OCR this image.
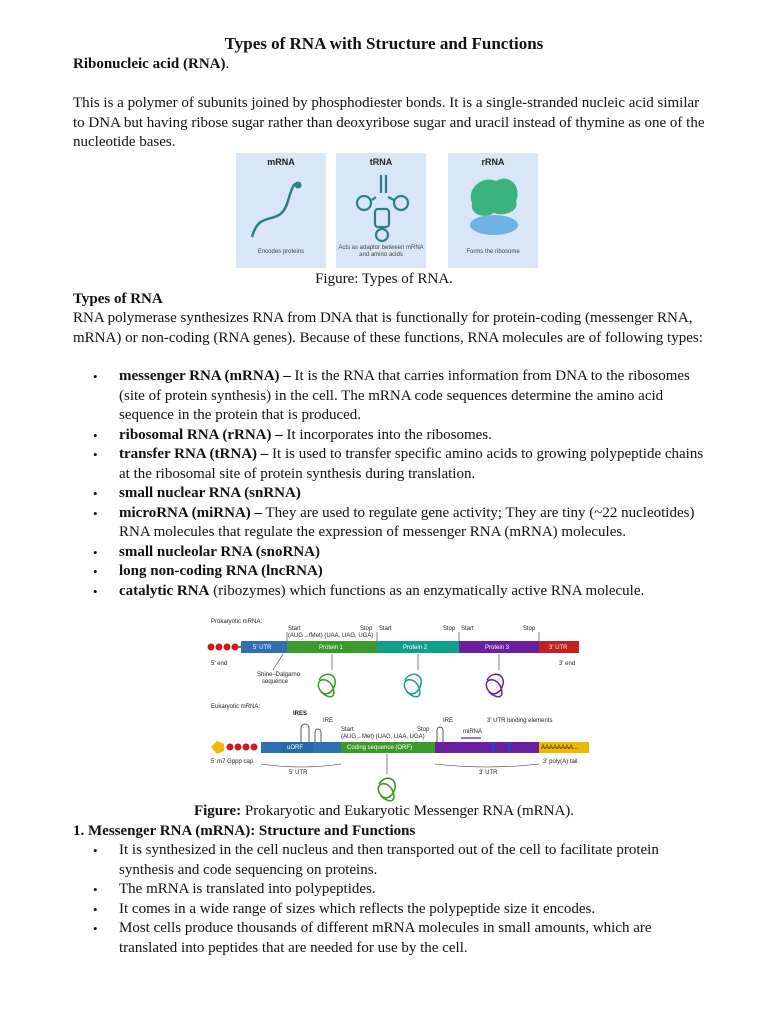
Types of RNA with Structure and Functions
Ribonucleic acid (RNA).
This is a polymer of subunits joined by phosphodiester bonds. It is a single-stranded nucleic acid similar to DNA but having ribose sugar rather than deoxyribose sugar and uracil instead of thymine as one of the nucleotide bases.
mRNA
Encodes proteins
tRNA
Acts as adaptor between mRNA and amino acids
rRNA
Forms the ribosome
Figure: Types of RNA.
Types of RNA
RNA polymerase synthesizes RNA from DNA that is functionally for protein-coding (messenger RNA, mRNA) or non-coding (RNA genes). Because of these functions, RNA molecules are of following types:
• messenger RNA (mRNA) – It is the RNA that carries information from DNA to the ribosomes (site of protein synthesis) in the cell. The mRNA code sequences determine the amino acid sequence in the protein that is produced.
• ribosomal RNA (rRNA) – It incorporates into the ribosomes.
• transfer RNA (tRNA) – It is used to transfer specific amino acids to growing polypeptide chains at the ribosomal site of protein synthesis during translation.
• small nuclear RNA (snRNA)
• microRNA (miRNA) – They are used to regulate gene activity; They are tiny (~22 nucleotides) RNA molecules that regulate the expression of messenger RNA (mRNA) molecules.
• small nucleolar RNA (snoRNA)
• long non-coding RNA (lncRNA)
• catalytic RNA (ribozymes) which functions as an enzymatically active RNA molecule.
Prokaryotic mRNA:
5' UTR	Protein 1	Protein 2	Protein 3	3' UTR
Start
(AUG→fMet) (UAA, UAG, UGA)
Stop Start	Stop Start	Stop
5' end	3' end
Shine–Dalgarno
sequence
Eukaryotic mRNA:
IRES
IRE	IRE
Start
(AUG→Met) (UAG, UAA, UGA)
Stop	miRNA
3' UTR binding elements
uORF	Coding sequence (ORF)	AAAAAAAA...
5' m7 Gppp cap	3' poly(A) tail
5' UTR	3' UTR
Figure: Prokaryotic and Eukaryotic Messenger RNA (mRNA).
1. Messenger RNA (mRNA): Structure and Functions
• It is synthesized in the cell nucleus and then transported out of the cell to facilitate protein synthesis and code sequencing on proteins.
• The mRNA is translated into polypeptides.
• It comes in a wide range of sizes which reflects the polypeptide size it encodes.
• Most cells produce thousands of different mRNA molecules in small amounts, which are translated into peptides that are needed for use by the cell.
